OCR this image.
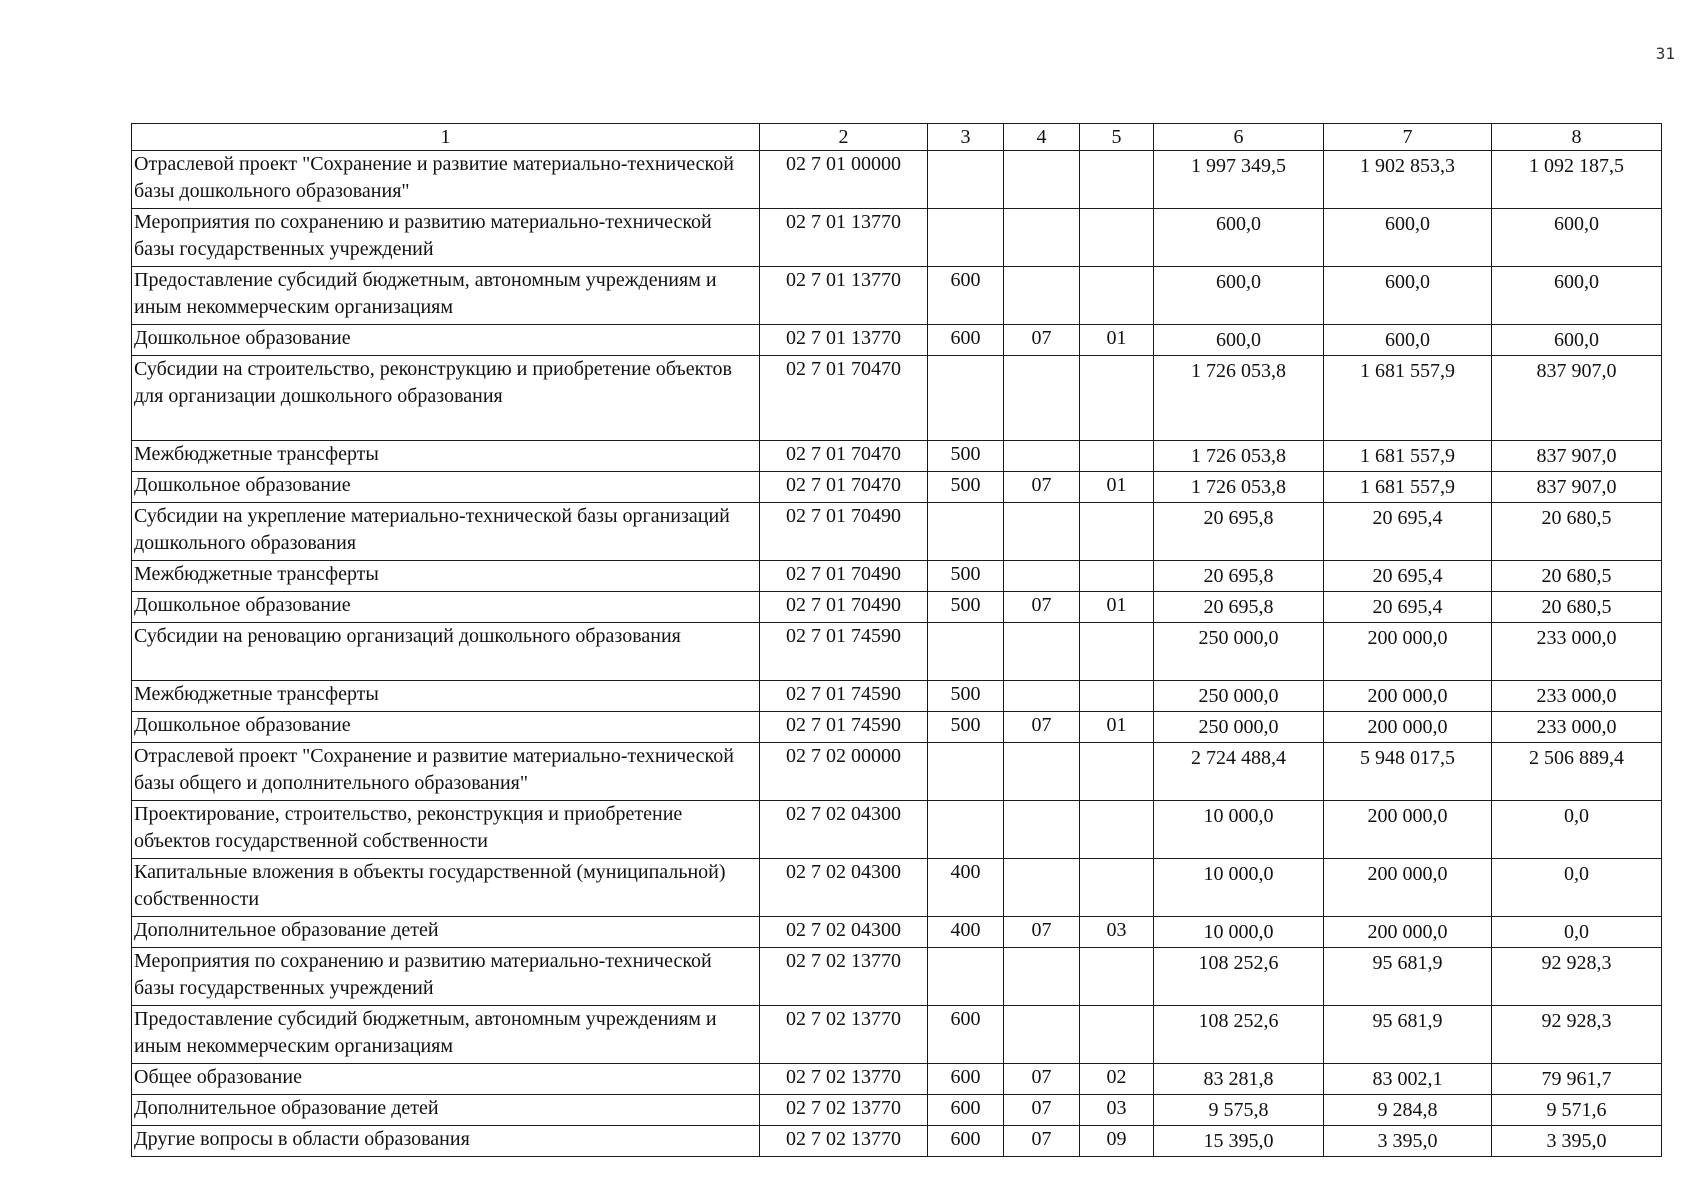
31
1	2	3	4	5	6	7	8
Отраслевой проект "Сохранение и развитие материально-технической базы дошкольного образования"	02 7 01 00000				1 997 349,5	1 902 853,3	1 092 187,5
Мероприятия по сохранению и развитию материально-технической базы государственных учреждений	02 7 01 13770				600,0	600,0	600,0
Предоставление субсидий бюджетным, автономным учреждениям и иным некоммерческим организациям	02 7 01 13770	600			600,0	600,0	600,0
Дошкольное образование	02 7 01 13770	600	07	01	600,0	600,0	600,0
Субсидии на строительство, реконструкцию и приобретение объектов для организации дошкольного образования	02 7 01 70470				1 726 053,8	1 681 557,9	837 907,0
Межбюджетные трансферты	02 7 01 70470	500			1 726 053,8	1 681 557,9	837 907,0
Дошкольное образование	02 7 01 70470	500	07	01	1 726 053,8	1 681 557,9	837 907,0
Субсидии на укрепление материально-технической базы организаций дошкольного образования	02 7 01 70490				20 695,8	20 695,4	20 680,5
Межбюджетные трансферты	02 7 01 70490	500			20 695,8	20 695,4	20 680,5
Дошкольное образование	02 7 01 70490	500	07	01	20 695,8	20 695,4	20 680,5
Субсидии на реновацию организаций дошкольного образования	02 7 01 74590				250 000,0	200 000,0	233 000,0
Межбюджетные трансферты	02 7 01 74590	500			250 000,0	200 000,0	233 000,0
Дошкольное образование	02 7 01 74590	500	07	01	250 000,0	200 000,0	233 000,0
Отраслевой проект "Сохранение и развитие материально-технической базы общего и дополнительного образования"	02 7 02 00000				2 724 488,4	5 948 017,5	2 506 889,4
Проектирование, строительство, реконструкция и приобретение объектов государственной собственности	02 7 02 04300				10 000,0	200 000,0	0,0
Капитальные вложения в объекты государственной (муниципальной) собственности	02 7 02 04300	400			10 000,0	200 000,0	0,0
Дополнительное образование детей	02 7 02 04300	400	07	03	10 000,0	200 000,0	0,0
Мероприятия по сохранению и развитию материально-технической базы государственных учреждений	02 7 02 13770				108 252,6	95 681,9	92 928,3
Предоставление субсидий бюджетным, автономным учреждениям и иным некоммерческим организациям	02 7 02 13770	600			108 252,6	95 681,9	92 928,3
Общее образование	02 7 02 13770	600	07	02	83 281,8	83 002,1	79 961,7
Дополнительное образование детей	02 7 02 13770	600	07	03	9 575,8	9 284,8	9 571,6
Другие вопросы в области образования	02 7 02 13770	600	07	09	15 395,0	3 395,0	3 395,0
